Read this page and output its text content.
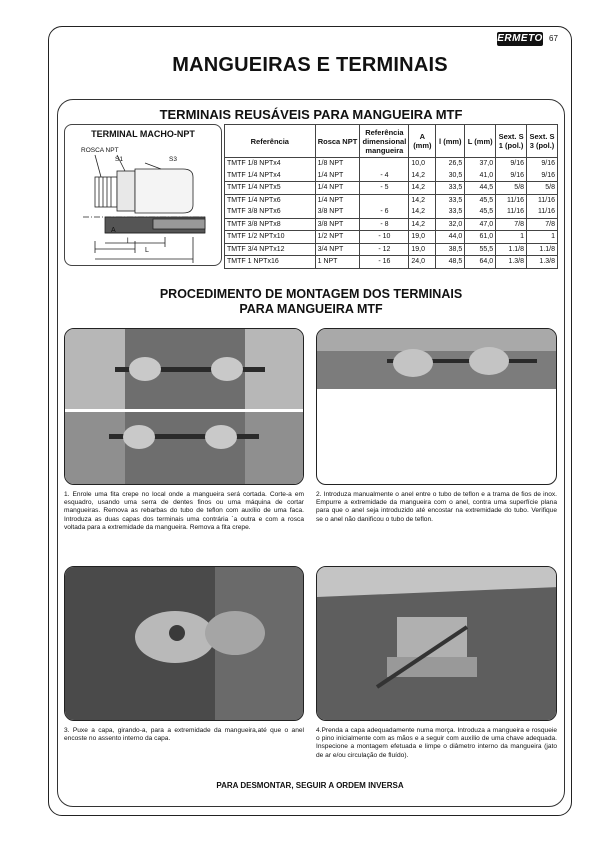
ERMETO 67
MANGUEIRAS E TERMINAIS
TERMINAIS REUSÁVEIS PARA MANGUEIRA MTF
TERMINAL MACHO-NPT
ROSCA NPT
S1	S3
A
l
L
Referência	Rosca NPT	Referência dimensional mangueira	A (mm)	l (mm)	L (mm)	Sext. S 1 (pol.)	Sext. S 3 (pol.)
TMTF 1/8 NPTx4	1/8 NPT		10,0	26,5	37,0	9/16	9/16
TMTF 1/4 NPTx4	1/4 NPT	- 4	14,2	30,5	41,0	9/16	9/16
TMTF 1/4 NPTx5	1/4 NPT	- 5	14,2	33,5	44,5	5/8	5/8
TMTF 1/4 NPTx6	1/4 NPT		14,2	33,5	45,5	11/16	11/16
TMTF 3/8 NPTx6	3/8 NPT	- 6	14,2	33,5	45,5	11/16	11/16
TMTF 3/8 NPTx8	3/8 NPT	- 8	14,2	32,0	47,0	7/8	7/8
TMTF 1/2 NPTx10	1/2 NPT	- 10	19,0	44,0	61,0	1	1
TMTF 3/4 NPTx12	3/4 NPT	- 12	19,0	38,5	55,5	1.1/8	1.1/8
TMTF 1 NPTx16	1 NPT	- 16	24,0	48,5	64,0	1.3/8	1.3/8
PROCEDIMENTO DE MONTAGEM DOS TERMINAIS
PARA MANGUEIRA MTF
1. Enrole uma fita crepe no local onde a mangueira será cortada. Corte-a em esquadro, usando uma serra de dentes finos ou uma máquina de cortar mangueiras. Remova as rebarbas do tubo de teflon com auxílio de uma faca. Introduza as duas capas dos terminais uma contrária `a outra e com a rosca voltada para a extremidade da mangueira. Remova a fita crepe.
2. Introduza manualmente o anel entre o tubo de teflon e a trama de fios de inox. Empurre a extremidade da mangueira com o anel, contra uma superfície plana para que o anel seja introduzido até encostar na extremidade do tubo. Verifique se o anel não danificou o tubo de teflon.
3. Puxe a capa, girando-a, para a extremidade da mangueira,até que o anel encoste no assento interno da capa.
4.Prenda a capa adequadamente numa morça. Introduza a mangueira e rosqueie o pino inicialmente com as mãos e a seguir com auxílio de uma chave adequada. Inspecione a montagem efetuada e limpe o diâmetro interno da mangueira (jato de ar e/ou circulação de fluído).
PARA DESMONTAR, SEGUIR A ORDEM INVERSA
